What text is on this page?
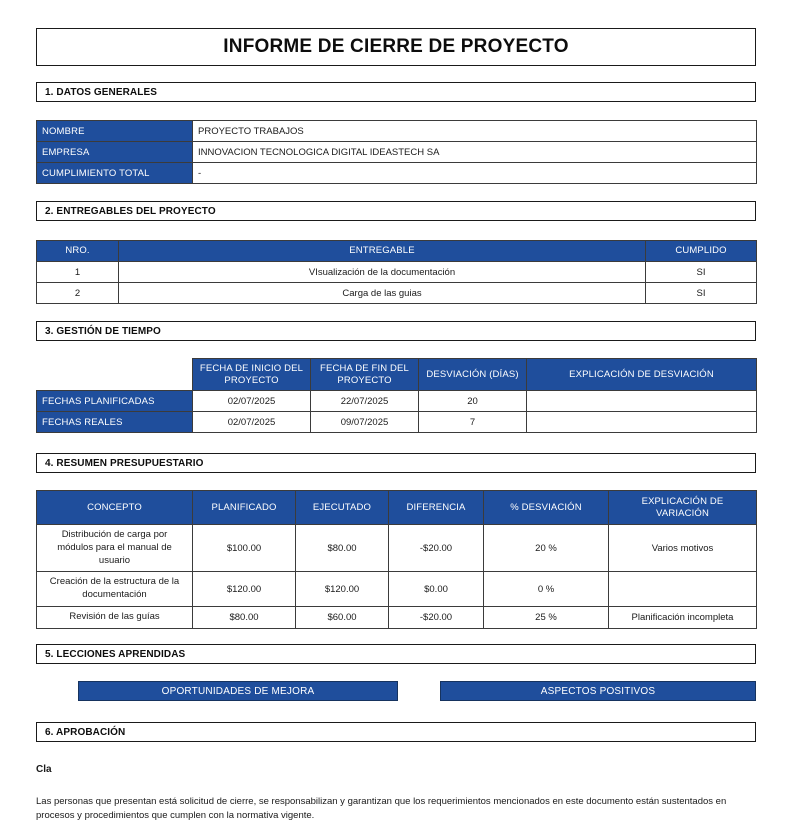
INFORME DE CIERRE DE PROYECTO
1. DATOS GENERALES
NOMBRE	PROYECTO TRABAJOS
EMPRESA	INNOVACION TECNOLOGICA DIGITAL IDEASTECH SA
CUMPLIMIENTO TOTAL	-
2. ENTREGABLES DEL PROYECTO
NRO.	ENTREGABLE	CUMPLIDO
1	VIsualización de la documentación	SI
2	Carga de las guias	SI
3. GESTIÓN DE TIEMPO
	FECHA DE INICIO DEL PROYECTO	FECHA DE FIN DEL PROYECTO	DESVIACIÓN (DÍAS)	EXPLICACIÓN DE DESVIACIÓN
FECHAS PLANIFICADAS	02/07/2025	22/07/2025	20	
FECHAS REALES	02/07/2025	09/07/2025	7	
4. RESUMEN PRESUPUESTARIO
CONCEPTO	PLANIFICADO	EJECUTADO	DIFERENCIA	% DESVIACIÓN	EXPLICACIÓN DE VARIACIÓN
Distribución de carga por módulos para el manual de usuario	$100.00	$80.00	-$20.00	20 %	Varios motivos
Creación de la estructura de la documentación	$120.00	$120.00	$0.00	0 %	
Revisión de las guías	$80.00	$60.00	-$20.00	25 %	Planificación incompleta
5. LECCIONES APRENDIDAS
OPORTUNIDADES DE MEJORA	ASPECTOS POSITIVOS
6. APROBACIÓN
Cla
Las personas que presentan está solicitud de cierre, se responsabilizan y garantizan que los requerimientos mencionados en este documento están sustentados en procesos y procedimientos que cumplen con la normativa vigente.
